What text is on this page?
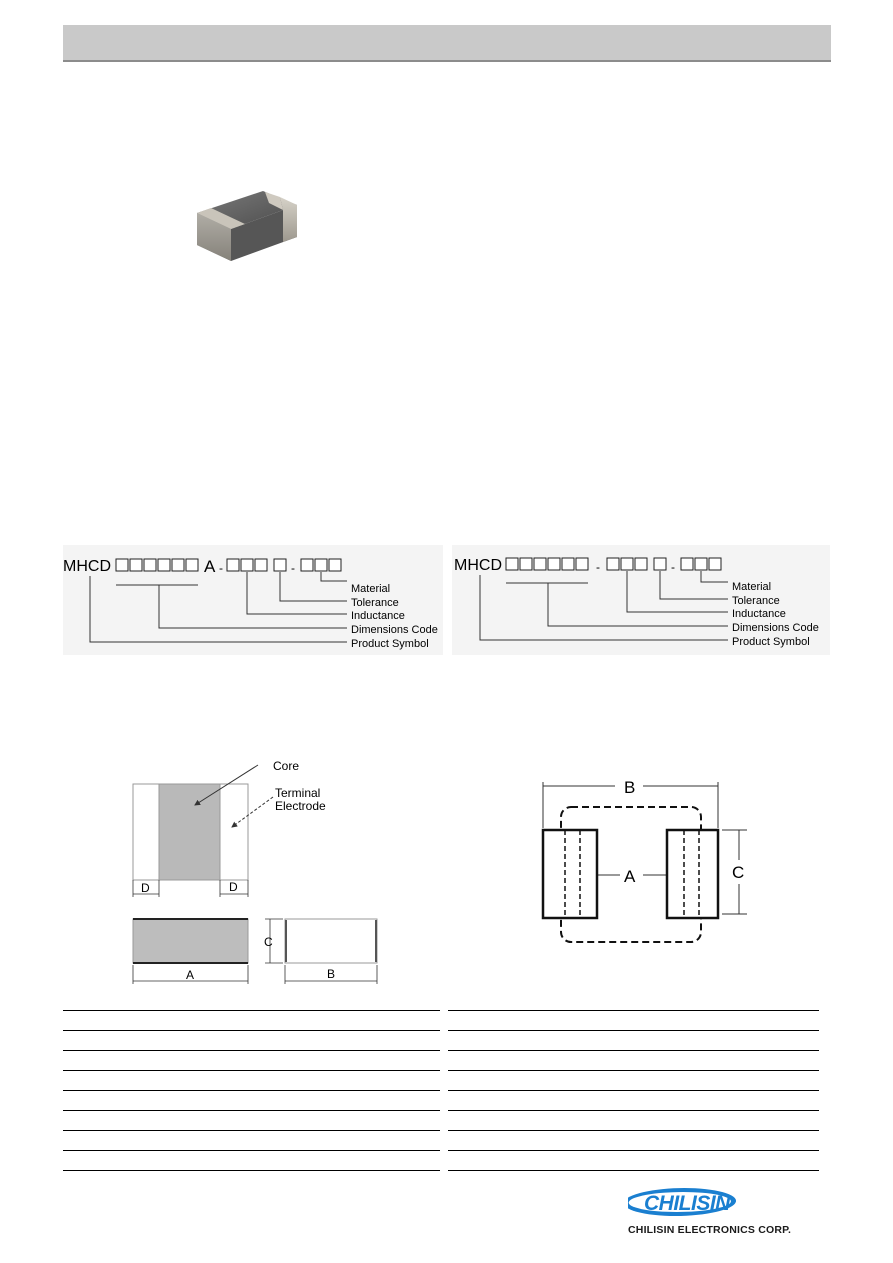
MHCD	A -	-
Material
Tolerance
Inductance
Dimensions Code
Product Symbol
MHCD	-	-
Material
Tolerance
Inductance
Dimensions Code
Product Symbol
Core
Terminal
Electrode
D	D
A	B
C
B
A	C
CHILISIN
CHILISIN ELECTRONICS CORP.
